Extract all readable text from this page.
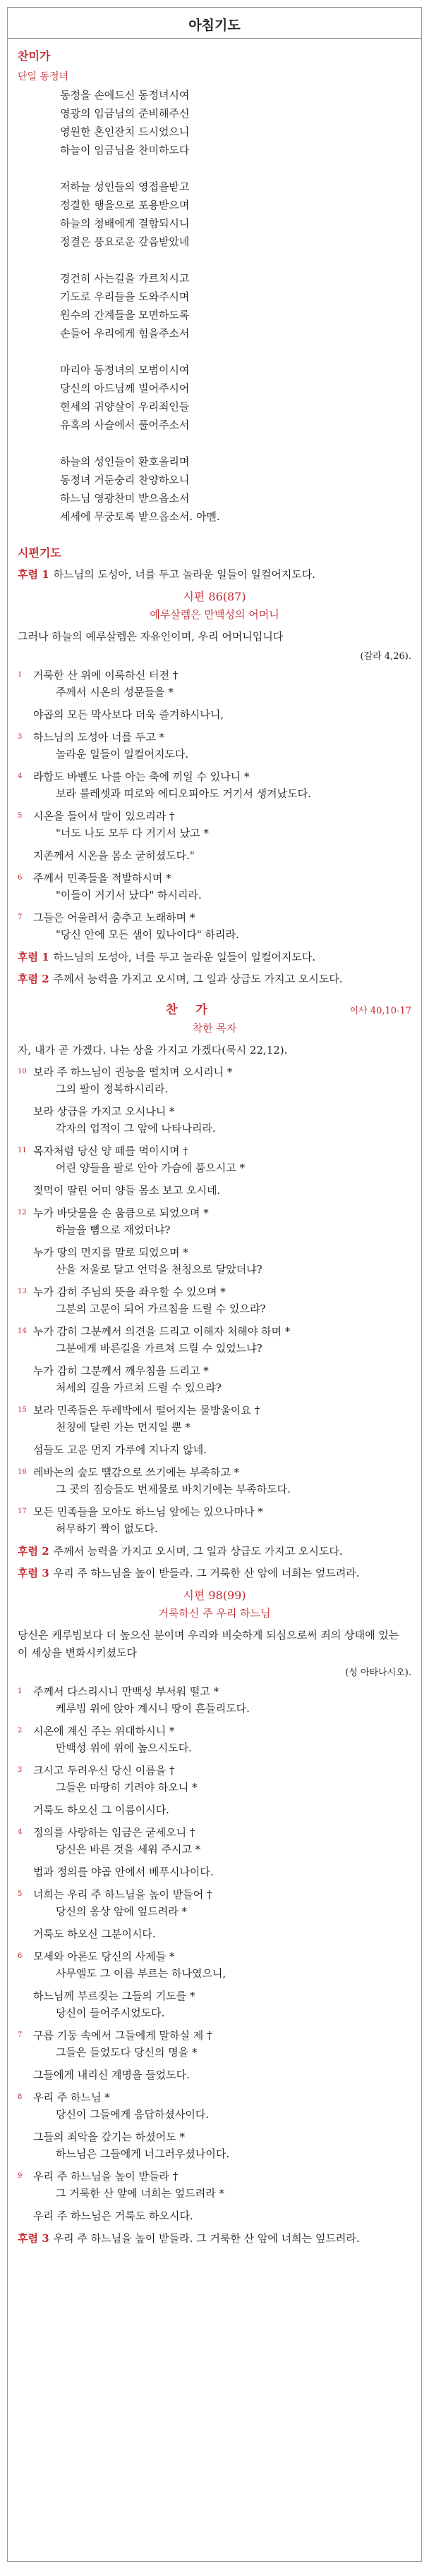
아침기도
찬미가
단일 동정녀
동정을 손에드신 동정녀시여
영광의 입금님의 준비해주신
영원한 혼인잔치 드시었으니
하늘이 임금님을 찬미하도다
저하늘 성인들의 영접을받고
정결한 행을으로 포용받으며
하늘의 청배에게 결합되시니
정결은 풍요로운 갚음받았네
경건히 사는길을 가르치시고
기도로 우리들을 도와주시며
원수의 간계들을 모면하도록
손들어 우리에게 힘을주소서
마리아 동정녀의 모범이시여
당신의 아드님께 빌어주시어
현세의 귀양살이 우리죄인들
유혹의 사슬에서 풀어주소서
하늘의 성인들이 환호올리며
동정녀 거둔숭리 찬양하오니
하느님 영광찬미 받으옵소서
세세에 무궁토록 받으옵소서. 아멘.
시편기도
후렴 1 하느님의 도성아, 너를 두고 놀라운 일들이 일컬어지도다.
시편 86(87)
예루살렘은 만백성의 어머니
그러나 하늘의 예루살렘은 자유인이며, 우리 어머니입니다
(갈라 4,26).
1 거룩한 산 위에 이룩하신 터전 †
주께서 시온의 성문들을 *
야곱의 모든 막사보다 더욱 즐겨하시나니,
3 하느님의 도성아 너를 두고 *
놀라운 일들이 일컬어지도다.
4 라합도 바벨도 나를 아는 축에 끼일 수 있나니 *
보라 불레셋과 띠로와 에디오피아도 거기서 생겨났도다.
5 시온을 들어서 말이 있으리라 †
"너도 나도 모두 다 거기서 났고 *
지존께서 시온을 몸소 굳히셨도다."
6 주께서 민족들을 적발하시며 *
"이들이 거기서 났다" 하시리라.
7 그들은 어울려서 춤추고 노래하며 *
"당신 안에 모든 샘이 있나이다" 하리라.
후렴 1 하느님의 도성아, 너를 두고 놀라운 일들이 일컬어지도다.
후렴 2 주께서 능력을 가지고 오시며, 그 일과 상급도 가지고 오시도다.
찬 가	이사 40,10-17
착한 목자
자, 내가 곧 가겠다. 나는 상을 가지고 가겠다(묵시 22,12).
10 보라 주 하느님이 권능을 떨치며 오시리니 *
그의 팔이 정복하시리라.
보라 상급을 가지고 오시나니 *
각자의 업적이 그 앞에 나타나리라.
11 목자처럼 당신 양 떼를 먹이시며 †
어린 양들을 팔로 안아 가슴에 품으시고 *
젖먹이 딸린 어미 양들 몸소 보고 오시네.
12 누가 바닷물을 손 움큼으로 되었으며 *
하늘을 뼘으로 재었더냐?
누가 땅의 먼지를 말로 되었으며 *
산을 저울로 달고 언덕을 천칭으로 달았더냐?
13 누가 감히 주님의 뜻을 좌우할 수 있으며 *
그분의 고문이 되어 가르침을 드릴 수 있으랴?
14 누가 감히 그분께서 의견을 드리고 이해자 처해야 하며 *
그분에게 바른길을 가르쳐 드릴 수 있었느냐?
누가 감히 그분께서 깨우침을 드리고 *
처세의 길을 가르쳐 드릴 수 있으랴?
15 보라 민족들은 두레박에서 떨어지는 물방울이요 †
천칭에 달린 가는 먼지일 뿐 *
섬들도 고운 먼지 가루에 지나지 않네.
16 레바논의 숲도 땔감으로 쓰기에는 부족하고 *
그 곳의 짐승들도 번제물로 바치기에는 부족하도다.
17 모든 민족들을 모아도 하느님 앞에는 있으나마나 *
허무하기 짝이 없도다.
후렴 2 주께서 능력을 가지고 오시며, 그 일과 상급도 가지고 오시도다.
후렴 3 우리 주 하느님을 높이 받들라. 그 거룩한 산 앞에 너희는 엎드려라.
시편 98(99)
거룩하신 주 우리 하느님
당신은 케루빔보다 더 높으신 분이며 우리와 비슷하게 되심으로써 죄의 상태에 있는 이 세상을 변화시키셨도다
(성 아타나시오).
1 주께서 다스리시니 만백성 부서워 떨고 *
케루빔 위에 앉아 계시니 땅이 흔들리도다.
2 시온에 계신 주는 위대하시니 *
만백성 위에 위에 높으시도다.
3 크시고 두려우신 당신 이름을 †
그들은 마땅히 기려야 하오니 *
거룩도 하오신 그 이름이시다.
4 정의를 사랑하는 임금은 굳세오니 †
당신은 바른 것을 세워 주시고 *
법과 정의를 야곱 안에서 베푸시나이다.
5 너희는 우리 주 하느님을 높이 받들어 †
당신의 옹상 앞에 엎드려라 *
거룩도 하오신 그분이시다.
6 모세와 아론도 당신의 사제들 *
사무엘도 그 이름 부르는 하나였으니,
하느님께 부르짖는 그들의 기도를 *
당신이 들어주시었도다.
7 구름 기둥 속에서 그들에게 말하실 제 †
그들은 들었도다 당신의 명을 *
그들에게 내리신 계명을 들었도다.
8 우리 주 하느님 *
당신이 그들에게 응답하셨사이다.
그들의 죄악을 갚기는 하셨어도 *
하느님은 그들에게 너그러우셨나이다.
9 우리 주 하느님을 높이 받들라 †
그 거룩한 산 앞에 너희는 엎드려라 *
우리 주 하느님은 거룩도 하오시다.
후렴 3 우리 주 하느님을 높이 받들라. 그 거룩한 산 앞에 너희는 엎드려라.
